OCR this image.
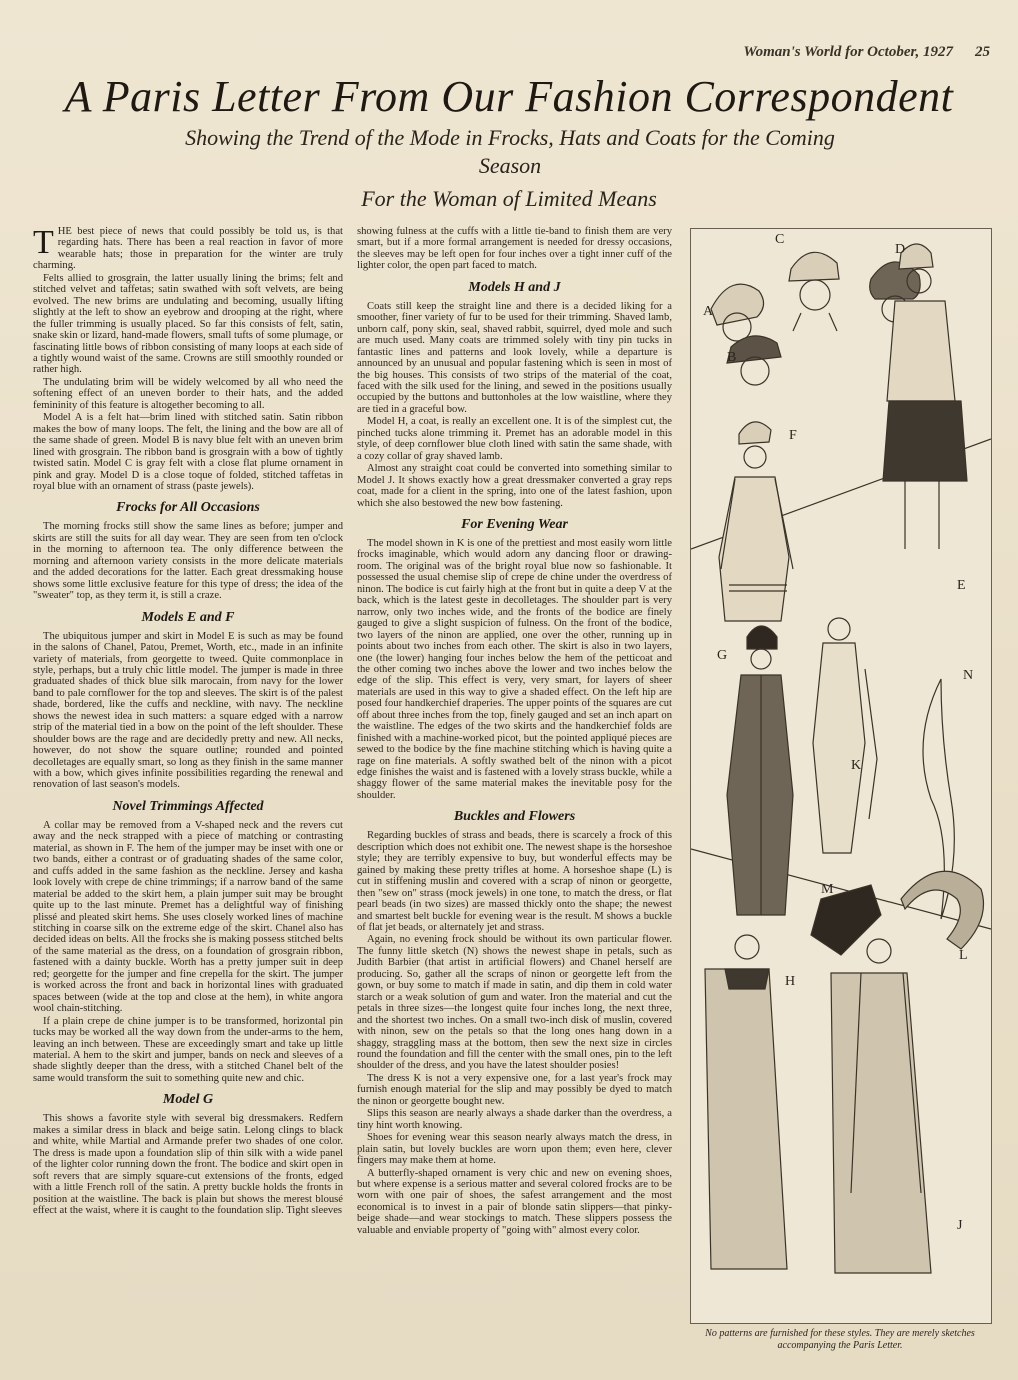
Woman's World for October, 1927 25
A Paris Letter From Our Fashion Correspondent
Showing the Trend of the Mode in Frocks, Hats and Coats for the Coming Season
For the Woman of Limited Means

THE best piece of news that could possibly be told us, is that regarding hats. There has been a real reaction in favor of more wearable hats; those in preparation for the winter are truly charming.

Felts allied to grosgrain, the latter usually lining the brims; felt and stitched velvet and taffetas; satin swathed with soft velvets, are being evolved. The new brims are undulating and becoming, usually lifting slightly at the left to show an eyebrow and drooping at the right, where the fuller trimming is usually placed. So far this consists of felt, satin, snake skin or lizard, hand-made flowers, small tufts of some plumage, or fascinating little bows of ribbon consisting of many loops at each side of a tightly wound waist of the same. Crowns are still smoothly rounded or rather high.

The undulating brim will be widely welcomed by all who need the softening effect of an uneven border to their hats, and the added femininity of this feature is altogether becoming to all.

Model A is a felt hat—brim lined with stitched satin. Satin ribbon makes the bow of many loops. The felt, the lining and the bow are all of the same shade of green. Model B is navy blue felt with an uneven brim lined with grosgrain. The ribbon band is grosgrain with a bow of tightly twisted satin. Model C is gray felt with a close flat plume ornament in pink and gray. Model D is a close toque of folded, stitched taffetas in royal blue with an ornament of strass (paste jewels).

Frocks for All Occasions

The morning frocks still show the same lines as before; jumper and skirts are still the suits for all day wear. They are seen from ten o'clock in the morning to afternoon tea. The only difference between the morning and afternoon variety consists in the more delicate materials and the added decorations for the latter. Each great dressmaking house shows some little exclusive feature for this type of dress; the idea of the "sweater" top, as they term it, is still a craze.

Models E and F

The ubiquitous jumper and skirt in Model E is such as may be found in the salons of Chanel, Patou, Premet, Worth, etc., made in an infinite variety of materials, from georgette to tweed. Quite commonplace in style, perhaps, but a truly chic little model. The jumper is made in three graduated shades of thick blue silk marocain, from navy for the lower band to pale cornflower for the top and sleeves. The skirt is of the palest shade, bordered, like the cuffs and neckline, with navy. The neckline shows the newest idea in such matters: a square edged with a narrow strip of the material tied in a bow on the point of the left shoulder. These shoulder bows are the rage and are decidedly pretty and new. All necks, however, do not show the square outline; rounded and pointed decolletages are equally smart, so long as they finish in the same manner with a bow, which gives infinite possibilities regarding the renewal and renovation of last season's models.

Novel Trimmings Affected

A collar may be removed from a V-shaped neck and the revers cut away and the neck strapped with a piece of matching or contrasting material, as shown in F. The hem of the jumper may be inset with one or two bands, either a contrast or of graduating shades of the same color, and cuffs added in the same fashion as the neckline. Jersey and kasha look lovely with crepe de chine trimmings; if a narrow band of the same material be added to the skirt hem, a plain jumper suit may be brought quite up to the last minute. Premet has a delightful way of finishing plissé and pleated skirt hems. She uses closely worked lines of machine stitching in coarse silk on the extreme edge of the skirt. Chanel also has decided ideas on belts. All the frocks she is making possess stitched belts of the same material as the dress, on a foundation of grosgrain ribbon, fastened with a dainty buckle. Worth has a pretty jumper suit in deep red; georgette for the jumper and fine crepella for the skirt. The jumper is worked across the front and back in horizontal lines with graduated spaces between (wide at the top and close at the hem), in white angora wool chain-stitching.

If a plain crepe de chine jumper is to be transformed, horizontal pin tucks may be worked all the way down from the under-arms to the hem, leaving an inch between. These are exceedingly smart and take up little material. A hem to the skirt and jumper, bands on neck and sleeves of a shade slightly deeper than the dress, with a stitched Chanel belt of the same would transform the suit to something quite new and chic.

Model G

This shows a favorite style with several big dressmakers. Redfern makes a similar dress in black and beige satin. Lelong clings to black and white, while Martial and Armande prefer two shades of one color. The dress is made upon a foundation slip of thin silk with a wide panel of the lighter color running down the front. The bodice and skirt open in soft revers that are simply square-cut extensions of the fronts, edged with a little French roll of the satin. A pretty buckle holds the fronts in position at the waistline. The back is plain but shows the merest blousé effect at the waist, where it is caught to the foundation slip. Tight sleeves

showing fulness at the cuffs with a little tie-band to finish them are very smart, but if a more formal arrangement is needed for dressy occasions, the sleeves may be left open for four inches over a tight inner cuff of the lighter color, the open part faced to match.

Models H and J

Coats still keep the straight line and there is a decided liking for a smoother, finer variety of fur to be used for their trimming. Shaved lamb, unborn calf, pony skin, seal, shaved rabbit, squirrel, dyed mole and such are much used. Many coats are trimmed solely with tiny pin tucks in fantastic lines and patterns and look lovely, while a departure is announced by an unusual and popular fastening which is seen in most of the big houses. This consists of two strips of the material of the coat, faced with the silk used for the lining, and sewed in the positions usually occupied by the buttons and buttonholes at the low waistline, where they are tied in a graceful bow.

Model H, a coat, is really an excellent one. It is of the simplest cut, the pinched tucks alone trimming it. Premet has an adorable model in this style, of deep cornflower blue cloth lined with satin the same shade, with a cozy collar of gray shaved lamb.

Almost any straight coat could be converted into something similar to Model J. It shows exactly how a great dressmaker converted a gray reps coat, made for a client in the spring, into one of the latest fashion, upon which she also bestowed the new bow fastening.

For Evening Wear

The model shown in K is one of the prettiest and most easily worn little frocks imaginable, which would adorn any dancing floor or drawing-room. The original was of the bright royal blue now so fashionable. It possessed the usual chemise slip of crepe de chine under the overdress of ninon. The bodice is cut fairly high at the front but in quite a deep V at the back, which is the latest geste in decolletages. The shoulder part is very narrow, only two inches wide, and the fronts of the bodice are finely gauged to give a slight suspicion of fulness. On the front of the bodice, two layers of the ninon are applied, one over the other, running up in points about two inches from each other. The skirt is also in two layers, one (the lower) hanging four inches below the hem of the petticoat and the other coming two inches above the lower and two inches below the edge of the slip. This effect is very, very smart, for layers of sheer materials are used in this way to give a shaded effect. On the left hip are posed four handkerchief draperies. The upper points of the squares are cut off about three inches from the top, finely gauged and set an inch apart on the waistline. The edges of the two skirts and the handkerchief folds are finished with a machine-worked picot, but the pointed appliqué pieces are sewed to the bodice by the fine machine stitching which is having quite a rage on fine materials. A softly swathed belt of the ninon with a picot edge finishes the waist and is fastened with a lovely strass buckle, while a shaggy flower of the same material makes the inevitable posy for the shoulder.

Buckles and Flowers

Regarding buckles of strass and beads, there is scarcely a frock of this description which does not exhibit one. The newest shape is the horseshoe style; they are terribly expensive to buy, but wonderful effects may be gained by making these pretty trifles at home. A horseshoe shape (L) is cut in stiffening muslin and covered with a scrap of ninon or georgette, then "sew on" strass (mock jewels) in one tone, to match the dress, or flat pearl beads (in two sizes) are massed thickly onto the shape; the newest and smartest belt buckle for evening wear is the result. M shows a buckle of flat jet beads, or alternately jet and strass.

Again, no evening frock should be without its own particular flower. The funny little sketch (N) shows the newest shape in petals, such as Judith Barbier (that artist in artificial flowers) and Chanel herself are producing. So, gather all the scraps of ninon or georgette left from the gown, or buy some to match if made in satin, and dip them in cold water starch or a weak solution of gum and water. Iron the material and cut the petals in three sizes—the longest quite four inches long, the next three, and the shortest two inches. On a small two-inch disk of muslin, covered with ninon, sew on the petals so that the long ones hang down in a shaggy, straggling mass at the bottom, then sew the next size in circles round the foundation and fill the center with the small ones, pin to the left shoulder of the dress, and you have the latest shoulder posies!

The dress K is not a very expensive one, for a last year's frock may furnish enough material for the slip and may possibly be dyed to match the ninon or georgette bought new.

Slips this season are nearly always a shade darker than the overdress, a tiny hint worth knowing.

Shoes for evening wear this season nearly always match the dress, in plain satin, but lovely buckles are worn upon them; even here, clever fingers may make them at home.

A butterfly-shaped ornament is very chic and new on evening shoes, but where expense is a serious matter and several colored frocks are to be worn with one pair of shoes, the safest arrangement and the most economical is to invest in a pair of blonde satin slippers—that pinky-beige shade—and wear stockings to match. These slippers possess the valuable and enviable property of "going with" almost every color.

A
B
C
D
E
F
G
H
J
K
L
M
N
No patterns are furnished for these styles. They are merely sketches accompanying the Paris Letter.
